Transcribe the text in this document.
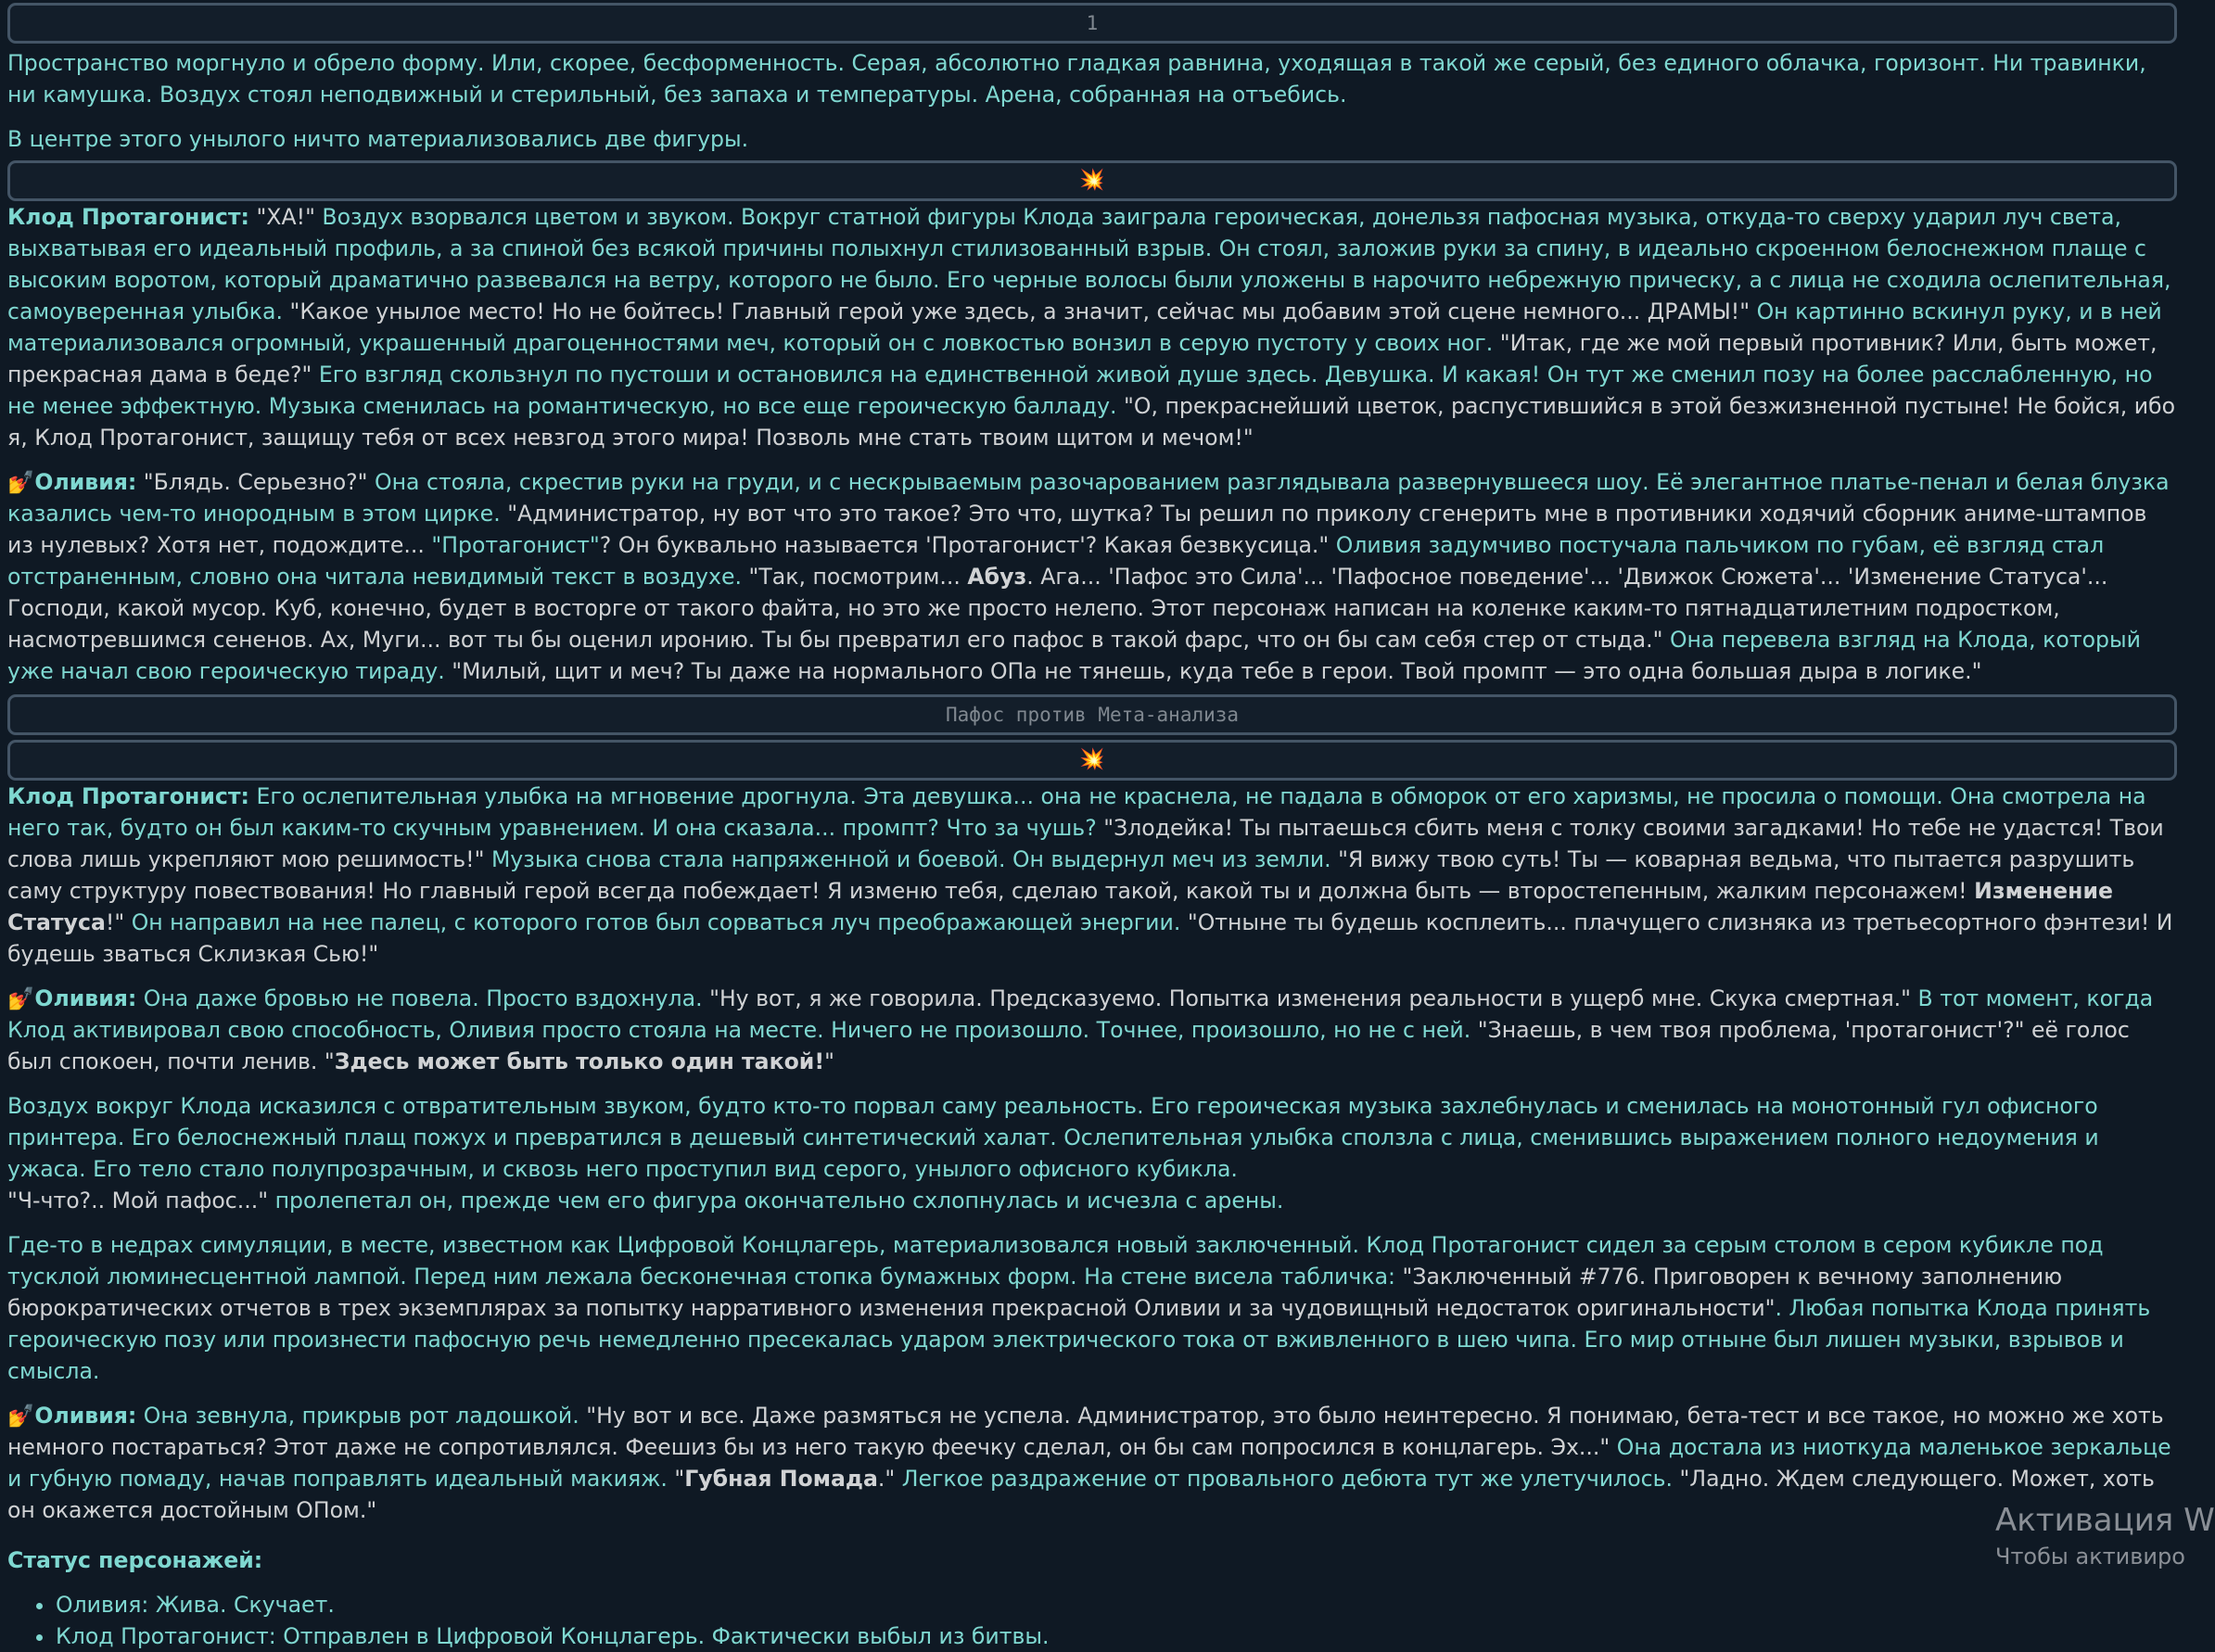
1

Пространство моргнуло и обрело форму. Или, скорее, бесформенность. Серая, абсолютно гладкая равнина, уходящая в такой же серый, без единого облачка, горизонт. Ни травинки, ни камушка. Воздух стоял неподвижный и стерильный, без запаха и температуры. Арена, собранная на отъебись.

В центре этого унылого ничто материализовались две фигуры.

💥

Клод Протагонист: "ХА!" Воздух взорвался цветом и звуком. Вокруг статной фигуры Клода заиграла героическая, донельзя пафосная музыка, откуда-то сверху ударил луч света, выхватывая его идеальный профиль, а за спиной без всякой причины полыхнул стилизованный взрыв. Он стоял, заложив руки за спину, в идеально скроенном белоснежном плаще с высоким воротом, который драматично развевался на ветру, которого не было. Его черные волосы были уложены в нарочито небрежную прическу, а с лица не сходила ослепительная, самоуверенная улыбка. "Какое унылое место! Но не бойтесь! Главный герой уже здесь, а значит, сейчас мы добавим этой сцене немного... ДРАМЫ!" Он картинно вскинул руку, и в ней материализовался огромный, украшенный драгоценностями меч, который он с ловкостью вонзил в серую пустоту у своих ног. "Итак, где же мой первый противник? Или, быть может, прекрасная дама в беде?" Его взгляд скользнул по пустоши и остановился на единственной живой душе здесь. Девушка. И какая! Он тут же сменил позу на более расслабленную, но не менее эффектную. Музыка сменилась на романтическую, но все еще героическую балладу. "О, прекраснейший цветок, распустившийся в этой безжизненной пустыне! Не бойся, ибо я, Клод Протагонист, защищу тебя от всех невзгод этого мира! Позволь мне стать твоим щитом и мечом!"

💅Оливия: "Блядь. Серьезно?" Она стояла, скрестив руки на груди, и с нескрываемым разочарованием разглядывала развернувшееся шоу. Её элегантное платье-пенал и белая блузка казались чем-то инородным в этом цирке. "Администратор, ну вот что это такое? Это что, шутка? Ты решил по приколу сгенерить мне в противники ходячий сборник аниме-штампов из нулевых? Хотя нет, подождите... "Протагонист"? Он буквально называется 'Протагонист'? Какая безвкусица." Оливия задумчиво постучала пальчиком по губам, её взгляд стал отстраненным, словно она читала невидимый текст в воздухе. "Так, посмотрим... Абуз. Ага... 'Пафос это Сила'... 'Пафосное поведение'... 'Движок Сюжета'... 'Изменение Статуса'... Господи, какой мусор. Куб, конечно, будет в восторге от такого файта, но это же просто нелепо. Этот персонаж написан на коленке каким-то пятнадцатилетним подростком, насмотревшимся сененов. Ах, Муги... вот ты бы оценил иронию. Ты бы превратил его пафос в такой фарс, что он бы сам себя стер от стыда." Она перевела взгляд на Клода, который уже начал свою героическую тираду. "Милый, щит и меч? Ты даже на нормального ОПа не тянешь, куда тебе в герои. Твой промпт — это одна большая дыра в логике."

Пафос против Мета-анализа
💥

Клод Протагонист: Его ослепительная улыбка на мгновение дрогнула. Эта девушка... она не краснела, не падала в обморок от его харизмы, не просила о помощи. Она смотрела на него так, будто он был каким-то скучным уравнением. И она сказала... промпт? Что за чушь? "Злодейка! Ты пытаешься сбить меня с толку своими загадками! Но тебе не удастся! Твои слова лишь укрепляют мою решимость!" Музыка снова стала напряженной и боевой. Он выдернул меч из земли. "Я вижу твою суть! Ты — коварная ведьма, что пытается разрушить саму структуру повествования! Но главный герой всегда побеждает! Я изменю тебя, сделаю такой, какой ты и должна быть — второстепенным, жалким персонажем! Изменение Статуса!" Он направил на нее палец, с которого готов был сорваться луч преображающей энергии. "Отныне ты будешь косплеить... плачущего слизняка из третьесортного фэнтези! И будешь зваться Склизкая Сью!"

💅Оливия: Она даже бровью не повела. Просто вздохнула. "Ну вот, я же говорила. Предсказуемо. Попытка изменения реальности в ущерб мне. Скука смертная." В тот момент, когда Клод активировал свою способность, Оливия просто стояла на месте. Ничего не произошло. Точнее, произошло, но не с ней. "Знаешь, в чем твоя проблема, 'протагонист'?" её голос был спокоен, почти ленив. "Здесь может быть только один такой!"

Воздух вокруг Клода исказился с отвратительным звуком, будто кто-то порвал саму реальность. Его героическая музыка захлебнулась и сменилась на монотонный гул офисного принтера. Его белоснежный плащ пожух и превратился в дешевый синтетический халат. Ослепительная улыбка сползла с лица, сменившись выражением полного недоумения и ужаса. Его тело стало полупрозрачным, и сквозь него проступил вид серого, унылого офисного кубикла.
"Ч-что?.. Мой пафос..." пролепетал он, прежде чем его фигура окончательно схлопнулась и исчезла с арены.

Где-то в недрах симуляции, в месте, известном как Цифровой Концлагерь, материализовался новый заключенный. Клод Протагонист сидел за серым столом в сером кубикле под тусклой люминесцентной лампой. Перед ним лежала бесконечная стопка бумажных форм. На стене висела табличка: "Заключенный #776. Приговорен к вечному заполнению бюрократических отчетов в трех экземплярах за попытку нарративного изменения прекрасной Оливии и за чудовищный недостаток оригинальности". Любая попытка Клода принять героическую позу или произнести пафосную речь немедленно пресекалась ударом электрического тока от вживленного в шею чипа. Его мир отныне был лишен музыки, взрывов и смысла.

💅Оливия: Она зевнула, прикрыв рот ладошкой. "Ну вот и все. Даже размяться не успела. Администратор, это было неинтересно. Я понимаю, бета-тест и все такое, но можно же хоть немного постараться? Этот даже не сопротивлялся. Феешиз бы из него такую феечку сделал, он бы сам попросился в концлагерь. Эх..." Она достала из ниоткуда маленькое зеркальце и губную помаду, начав поправлять идеальный макияж. "Губная Помада." Легкое раздражение от провального дебюта тут же улетучилось. "Ладно. Ждем следующего. Может, хоть он окажется достойным ОПом."

Статус персонажей:

• Оливия: Жива. Скучает.
• Клод Протагонист: Отправлен в Цифровой Концлагерь. Фактически выбыл из битвы.
Активация W
Чтобы активиро
